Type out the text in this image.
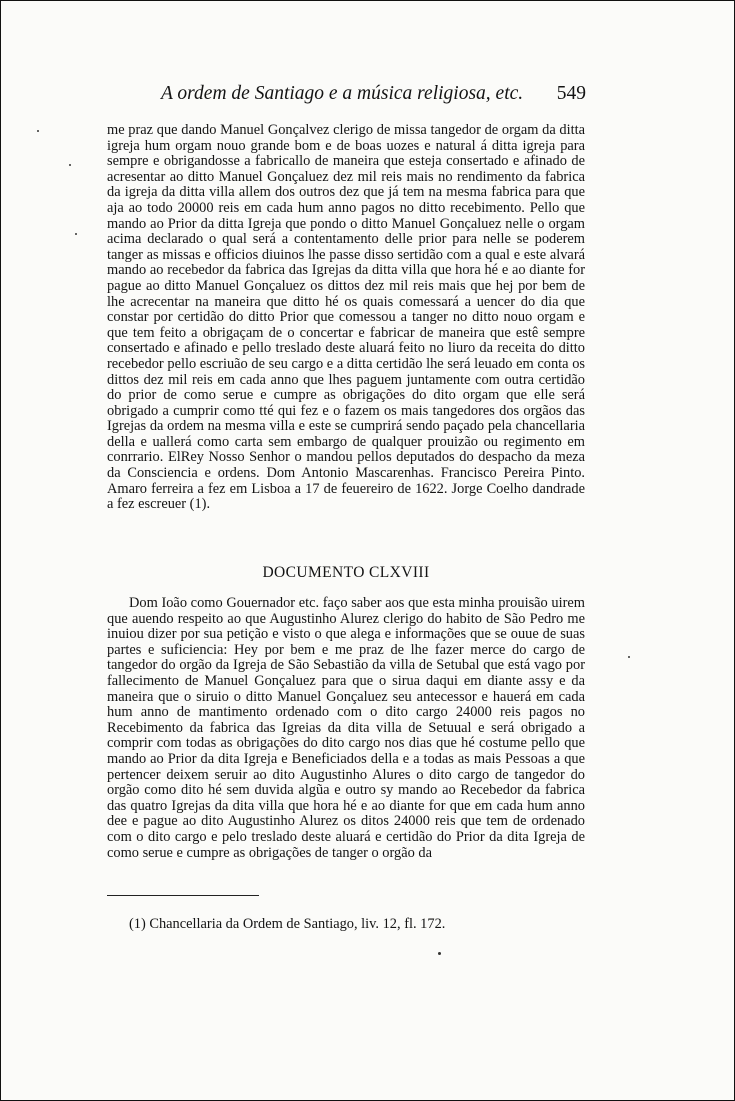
A ordem de Santiago e a música religiosa, etc. 549

me praz que dando Manuel Gonçalvez clerigo de missa tangedor de orgam da ditta igreja hum orgam nouo grande bom e de boas uozes e natural á ditta igreja para sempre e obrigandosse a fabricallo de maneira que esteja consertado e afinado de acresentar ao ditto Manuel Gonçaluez dez mil reis mais no rendimento da fabrica da igreja da ditta villa allem dos outros dez que já tem na mesma fabrica para que aja ao todo 20000 reis em cada hum anno pagos no ditto recebimento. Pello que mando ao Prior da ditta Igreja que pondo o ditto Manuel Gonçaluez nelle o orgam acima declarado o qual será a contentamento delle prior para nelle se poderem tanger as missas e officios diuinos lhe passe disso sertidão com a qual e este alvará mando ao recebedor da fabrica das Igrejas da ditta villa que hora hé e ao diante for pague ao ditto Manuel Gonçaluez os dittos dez mil reis mais que hej por bem de lhe acrecentar na maneira que ditto hé os quais comessará a uencer do dia que constar por certidão do ditto Prior que comessou a tanger no ditto nouo orgam e que tem feito a obrigaçam de o concertar e fabricar de maneira que estê sempre consertado e afinado e pello treslado deste aluará feito no liuro da receita do ditto recebedor pello escriuão de seu cargo e a ditta certidão lhe será leuado em conta os dittos dez mil reis em cada anno que lhes paguem juntamente com outra certidão do prior de como serue e cumpre as obrigações do dito orgam que elle será obrigado a cumprir como tté qui fez e o fazem os mais tangedores dos orgãos das Igrejas da ordem na mesma villa e este se cumprirá sendo paçado pela chancellaria della e uallerá como carta sem embargo de qualquer prouizão ou regimento em conrrario. ElRey Nosso Senhor o mandou pellos deputados do despacho da meza da Consciencia e ordens. Dom Antonio Mascarenhas. Francisco Pereira Pinto. Amaro ferreira a fez em Lisboa a 17 de feuereiro de 1622. Jorge Coelho dandrade a fez escreuer (1).

DOCUMENTO CLXVIII

Dom Ioão como Gouernador etc. faço saber aos que esta minha prouisão uirem que auendo respeito ao que Augustinho Alurez clerigo do habito de São Pedro me inuiou dizer por sua petição e visto o que alega e informações que se ouue de suas partes e suficiencia: Hey por bem e me praz de lhe fazer merce do cargo de tangedor do orgão da Igreja de São Sebastião da villa de Setubal que está vago por fallecimento de Manuel Gonçaluez para que o sirua daqui em diante assy e da maneira que o siruio o ditto Manuel Gonçaluez seu antecessor e hauerá em cada hum anno de mantimento ordenado com o dito cargo 24000 reis pagos no Recebimento da fabrica das Igreias da dita villa de Setuual e será obrigado a comprir com todas as obrigações do dito cargo nos dias que hé costume pello que mando ao Prior da dita Igreja e Beneficiados della e a todas as mais Pessoas a que pertencer deixem seruir ao dito Augustinho Alures o dito cargo de tangedor do orgão como dito hé sem duvida algũa e outro sy mando ao Recebedor da fabrica das quatro Igrejas da dita villa que hora hé e ao diante for que em cada hum anno dee e pague ao dito Augustinho Alurez os ditos 24000 reis que tem de ordenado com o dito cargo e pelo treslado deste aluará e certidão do Prior da dita Igreja de como serue e cumpre as obrigações de tanger o orgão da

(1) Chancellaria da Ordem de Santiago, liv. 12, fl. 172.
